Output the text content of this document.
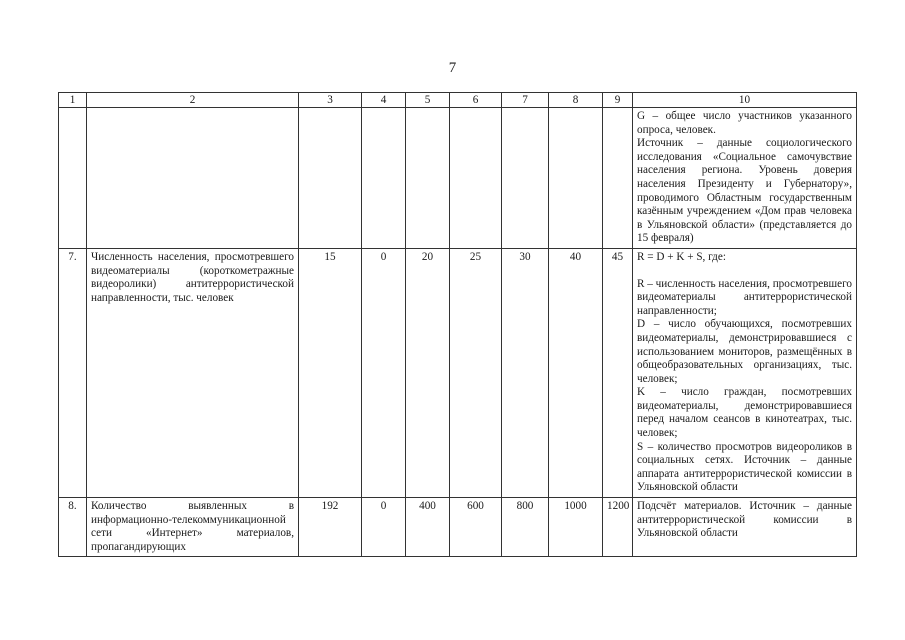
7
1	2	3	4	5	6	7	8	9	10

									G – общее число участников указанного опроса, человек.

Источник – данные социологического исследования «Социальное самочувствие населения региона. Уровень доверия населения Президенту и Губернатору», проводимого Областным государственным казённым учреждением «Дом прав человека в Ульяновской области» (представляется до 15 февраля)

7.	Численность населения, просмотревшего видеоматериалы (короткометражные видеоролики) антитеррористической направленности, тыс. человек	15	0	20	25	30	40	45	R = D + K + S, где:

R – численность населения, просмотревшего видеоматериалы антитеррористической направленности;

D – число обучающихся, посмотревших видеоматериалы, демонстрировавшиеся с использованием мониторов, размещённых в общеобразовательных организациях, тыс. человек;

K – число граждан, посмотревших видеоматериалы, демонстрировавшиеся перед началом сеансов в кинотеатрах, тыс. человек;

S – количество просмотров видеороликов в социальных сетях. Источник – данные аппарата антитеррористической комиссии в Ульяновской области

8.	Количество выявленных в информационно-телекоммуникационной сети «Интернет» материалов, пропагандирующих	192	0	400	600	800	1000	1200	Подсчёт материалов. Источник – данные антитеррористической комиссии в Ульяновской области
